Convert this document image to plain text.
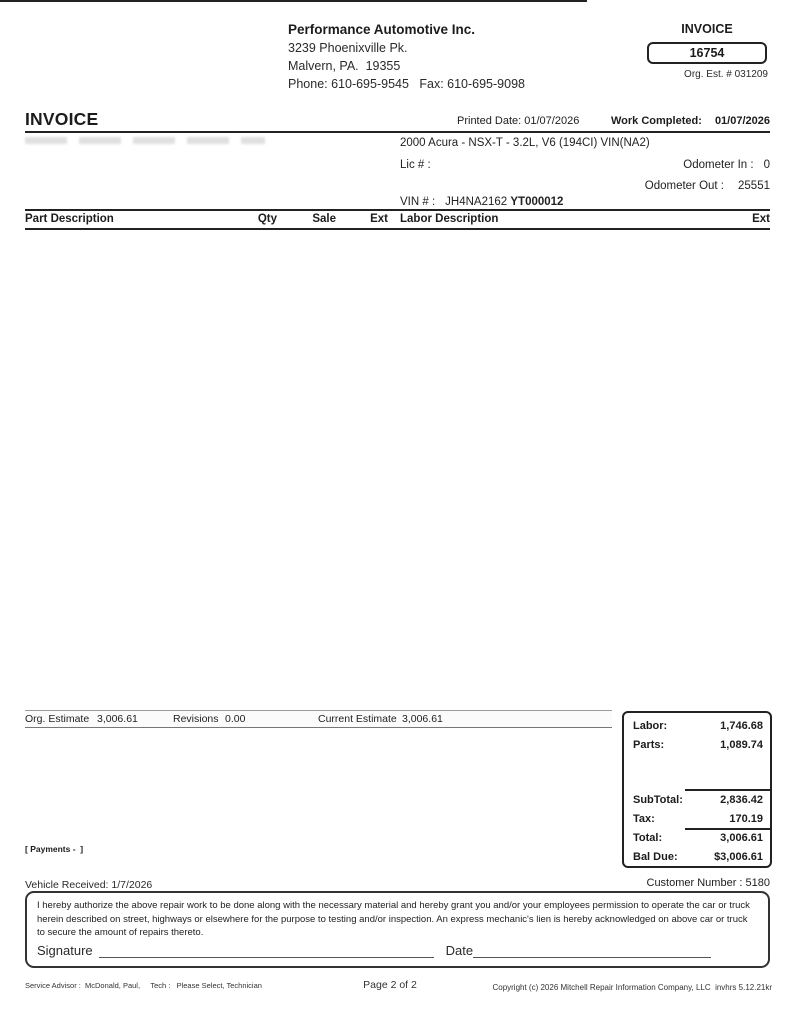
Performance Automotive Inc.
3239 Phoenixville Pk.
Malvern, PA.  19355
Phone: 610-695-9545   Fax: 610-695-9098
INVOICE
16754
Org. Est. # 031209
INVOICE	Printed Date: 01/07/2026	Work Completed:	01/07/2026
2000 Acura - NSX-T - 3.2L, V6 (194CI) VIN(NA2)
Lic # :	Odometer In : 0
Odometer Out : 25551
VIN # : JH4NA2162 YT000012
Part Description	Qty	Sale	Ext Labor Description	Ext
Org. Estimate 3,006.61	Revisions 0.00	Current Estimate 3,006.61
Labor:	1,746.68
Parts:	1,089.74
SubTotal:	2,836.42
Tax:	170.19
Total:	3,006.61
Bal Due:	$3,006.61
[ Payments -  ]
Vehicle Received: 1/7/2026	Customer Number : 5180
I hereby authorize the above repair work to be done along with the necessary material and hereby grant you and/or your employees permission to operate the car or truck herein described on street, highways or elsewhere for the purpose to testing and/or inspection. An express mechanic's lien is hereby acknowledged on above car or truck to secure the amount of repairs thereto.
Signature	Date
Service Advisor :  McDonald, Paul,     Tech :   Please Select, Technician	Page 2 of 2	Copyright (c) 2026 Mitchell Repair Information Company, LLC  invhrs 5.12.21kr
